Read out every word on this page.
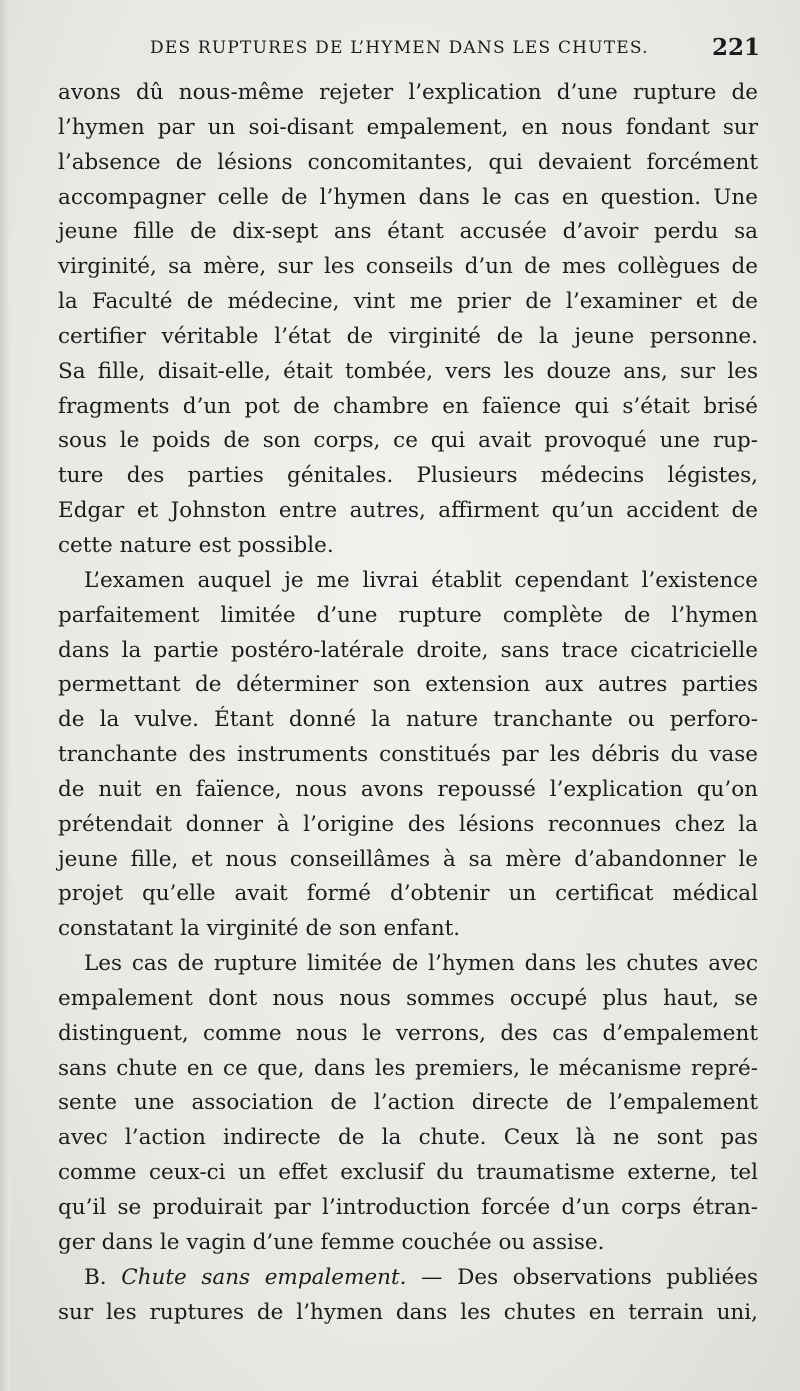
DES RUPTURES DE L’HYMEN DANS LES CHUTES.	221
avons dû nous-même rejeter l’explication d’une rupture de
l’hymen par un soi-disant empalement, en nous fondant sur
l’absence de lésions concomitantes, qui devaient forcément
accompagner celle de l’hymen dans le cas en question. Une
jeune fille de dix-sept ans étant accusée d’avoir perdu sa
virginité, sa mère, sur les conseils d’un de mes collègues de
la Faculté de médecine, vint me prier de l’examiner et de
certifier véritable l’état de virginité de la jeune personne.
Sa fille, disait-elle, était tombée, vers les douze ans, sur les
fragments d’un pot de chambre en faïence qui s’était brisé
sous le poids de son corps, ce qui avait provoqué une rup-
ture des parties génitales. Plusieurs médecins légistes,
Edgar et Johnston entre autres, affirment qu’un accident de
cette nature est possible.
L’examen auquel je me livrai établit cependant l’existence
parfaitement limitée d’une rupture complète de l’hymen
dans la partie postéro-latérale droite, sans trace cicatricielle
permettant de déterminer son extension aux autres parties
de la vulve. Étant donné la nature tranchante ou perforo-
tranchante des instruments constitués par les débris du vase
de nuit en faïence, nous avons repoussé l’explication qu’on
prétendait donner à l’origine des lésions reconnues chez la
jeune fille, et nous conseillâmes à sa mère d’abandonner le
projet qu’elle avait formé d’obtenir un certificat médical
constatant la virginité de son enfant.
Les cas de rupture limitée de l’hymen dans les chutes avec
empalement dont nous nous sommes occupé plus haut, se
distinguent, comme nous le verrons, des cas d’empalement
sans chute en ce que, dans les premiers, le mécanisme repré-
sente une association de l’action directe de l’empalement
avec l’action indirecte de la chute. Ceux là ne sont pas
comme ceux-ci un effet exclusif du traumatisme externe, tel
qu’il se produirait par l’introduction forcée d’un corps étran-
ger dans le vagin d’une femme couchée ou assise.
B. Chute sans empalement. — Des observations publiées
sur les ruptures de l’hymen dans les chutes en terrain uni,
